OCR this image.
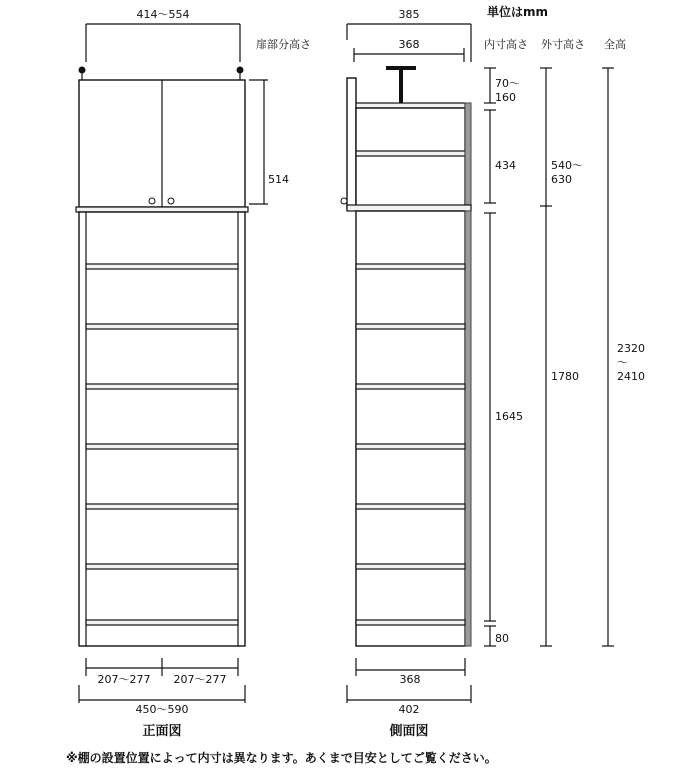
414〜554
514
207〜277 207〜277
450〜590
正面図
385
368
368
402
側面図
70〜
160
434
1645
80
540〜
630
1780
2320
〜
2410
単位はmm
扉部分高さ	内寸高さ 外寸高さ 全高
※棚の設置位置によって内寸は異なります。あくまで目安としてご覧ください。
